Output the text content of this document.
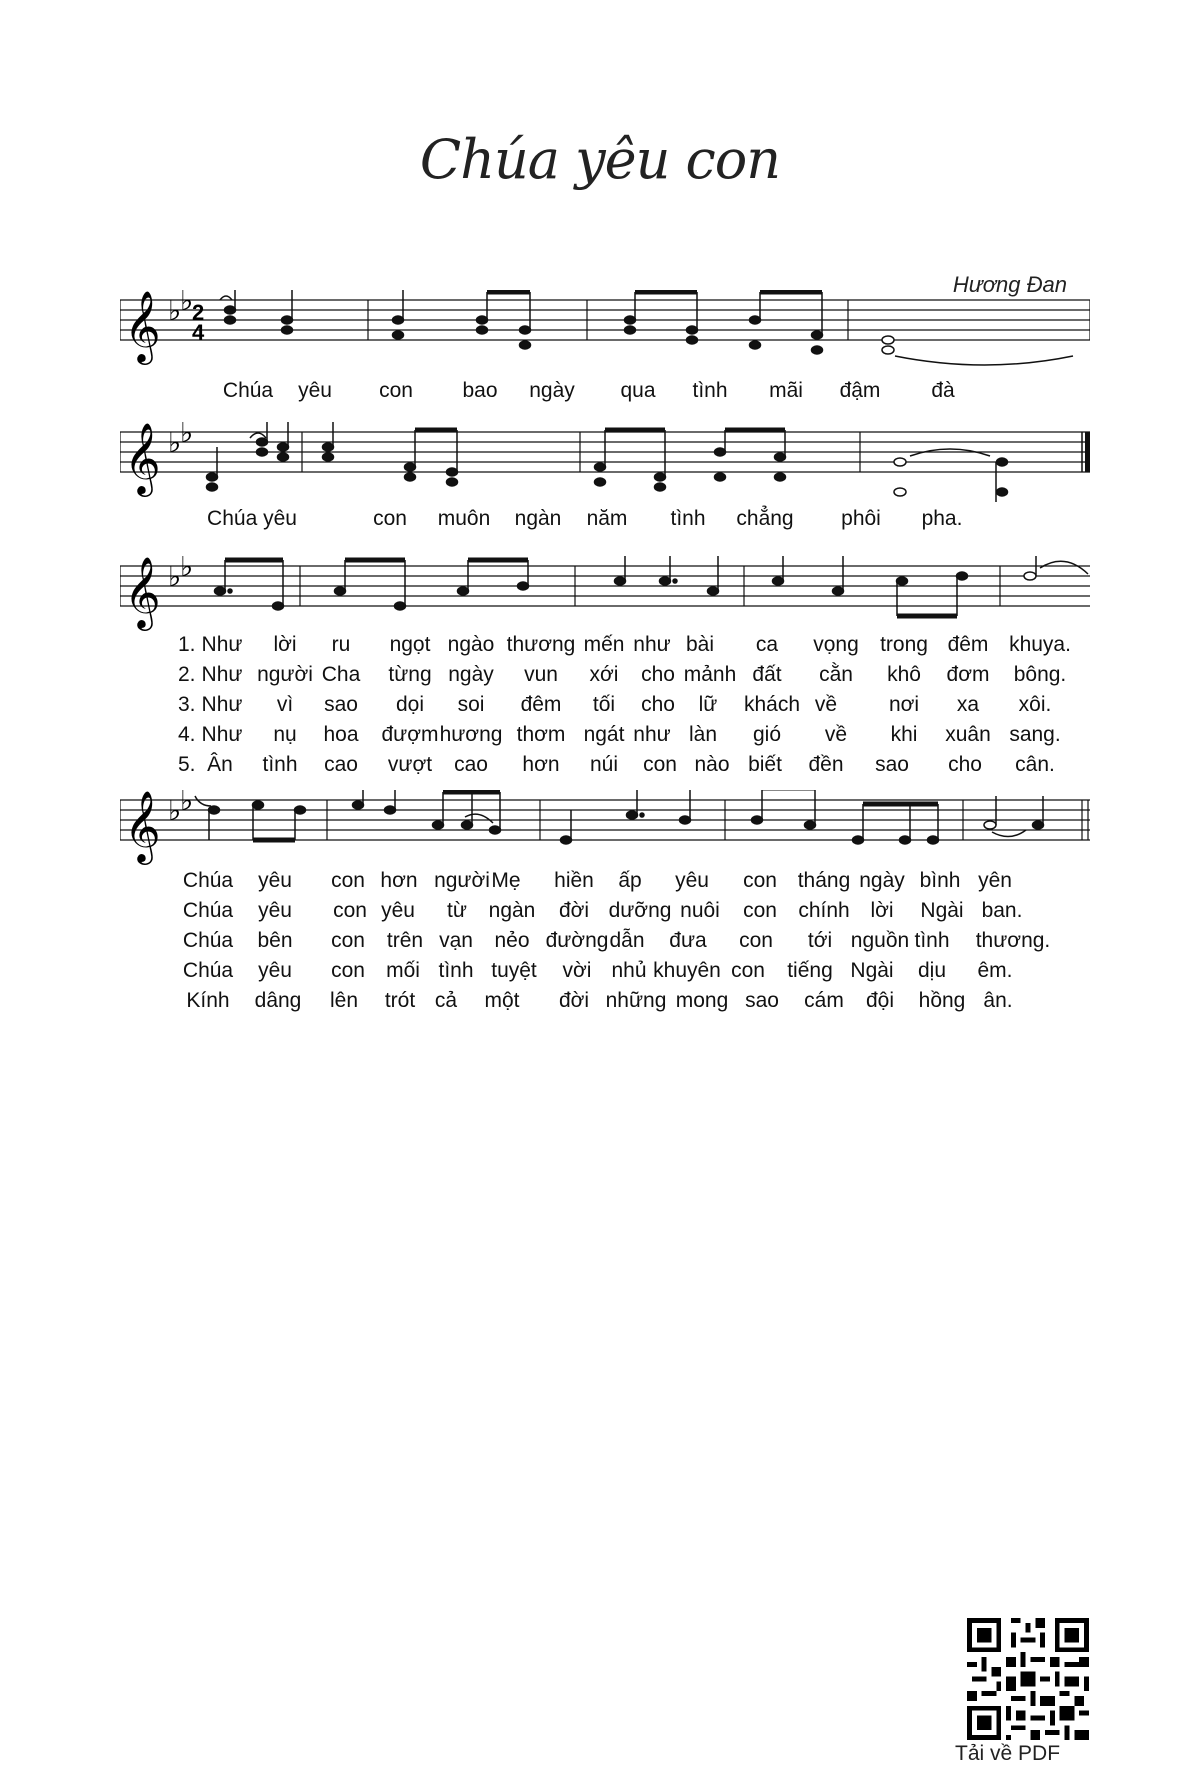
Chúa yêu con
Hương Đan
𝄞 ♭
♭
2
4
Chúa yêu con bao ngày qua tình mãi đậm đà
𝄞 ♭
♭
Chúa yêu	con muôn ngàn năm tình chẳng phôi pha.
𝄞 ♭
♭
1. Như lời ru ngọt ngào thương mến như bài ca vọng trong đêm khuya.
2. Như người Cha từng ngày vun xới cho mảnh đất cằn khô đơm bông.
3. Như vì sao dọi soi đêm tối cho lữ khách về nơi xa xôi.
4. Như nụ hoa đượm hương thơm ngát như làn gió về khi xuân sang.
5. Ân tình cao vượt cao hơn núi con nào biết đền sao cho cân.
𝄞 ♭
♭
Chúa yêu con hơn người Mẹ hiền ấp yêu con tháng ngày bình yên
Chúa yêu con yêu từ ngàn đời dưỡng nuôi con chính lời Ngài ban.
Chúa bên con trên vạn nẻo đường dẫn đưa con tới nguồn tình thương.
Chúa yêu con mối tình tuyệt vời nhủ khuyên con tiếng Ngài dịu êm.
Kính dâng lên trót cả một đời những mong sao cám đội hồng ân.
Tải về PDF
